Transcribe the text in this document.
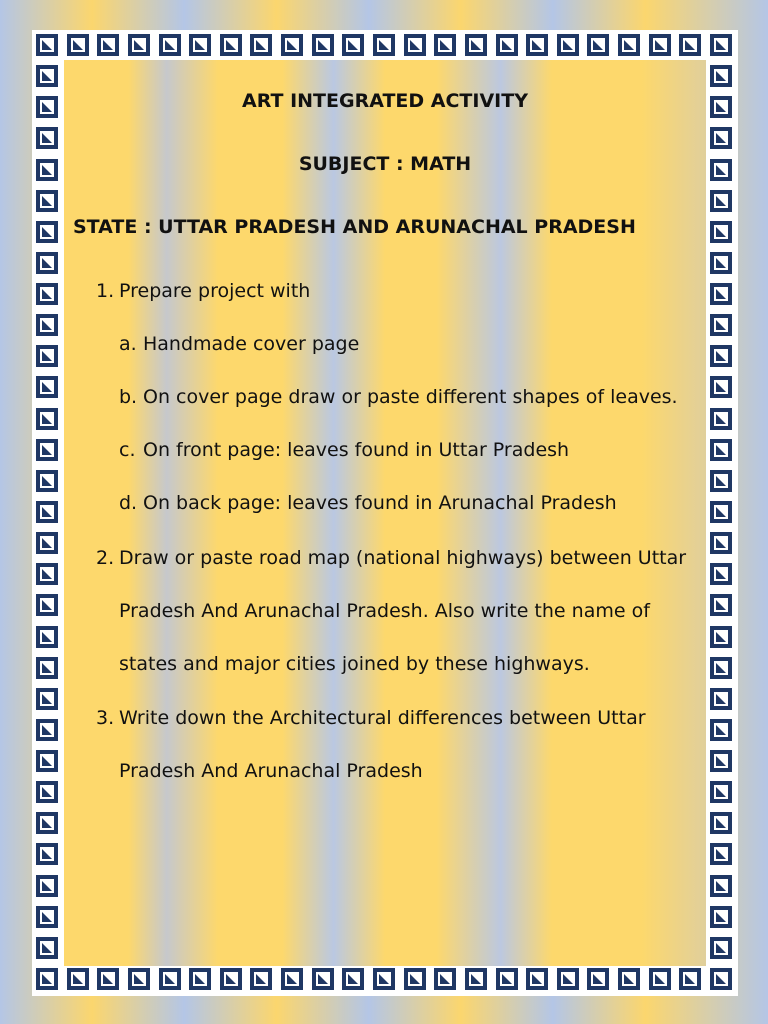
ART INTEGRATED ACTIVITY
SUBJECT : MATH
STATE : UTTAR PRADESH AND ARUNACHAL PRADESH
1. Prepare project with
a. Handmade cover page
b. On cover page draw or paste different shapes of leaves.
c. On front page: leaves found in Uttar Pradesh
d. On back page: leaves found in Arunachal Pradesh
2. Draw or paste road map (national highways) between Uttar
Pradesh And Arunachal Pradesh. Also write the name of
states and major cities joined by these highways.
3. Write down the Architectural differences between Uttar
Pradesh And Arunachal Pradesh
